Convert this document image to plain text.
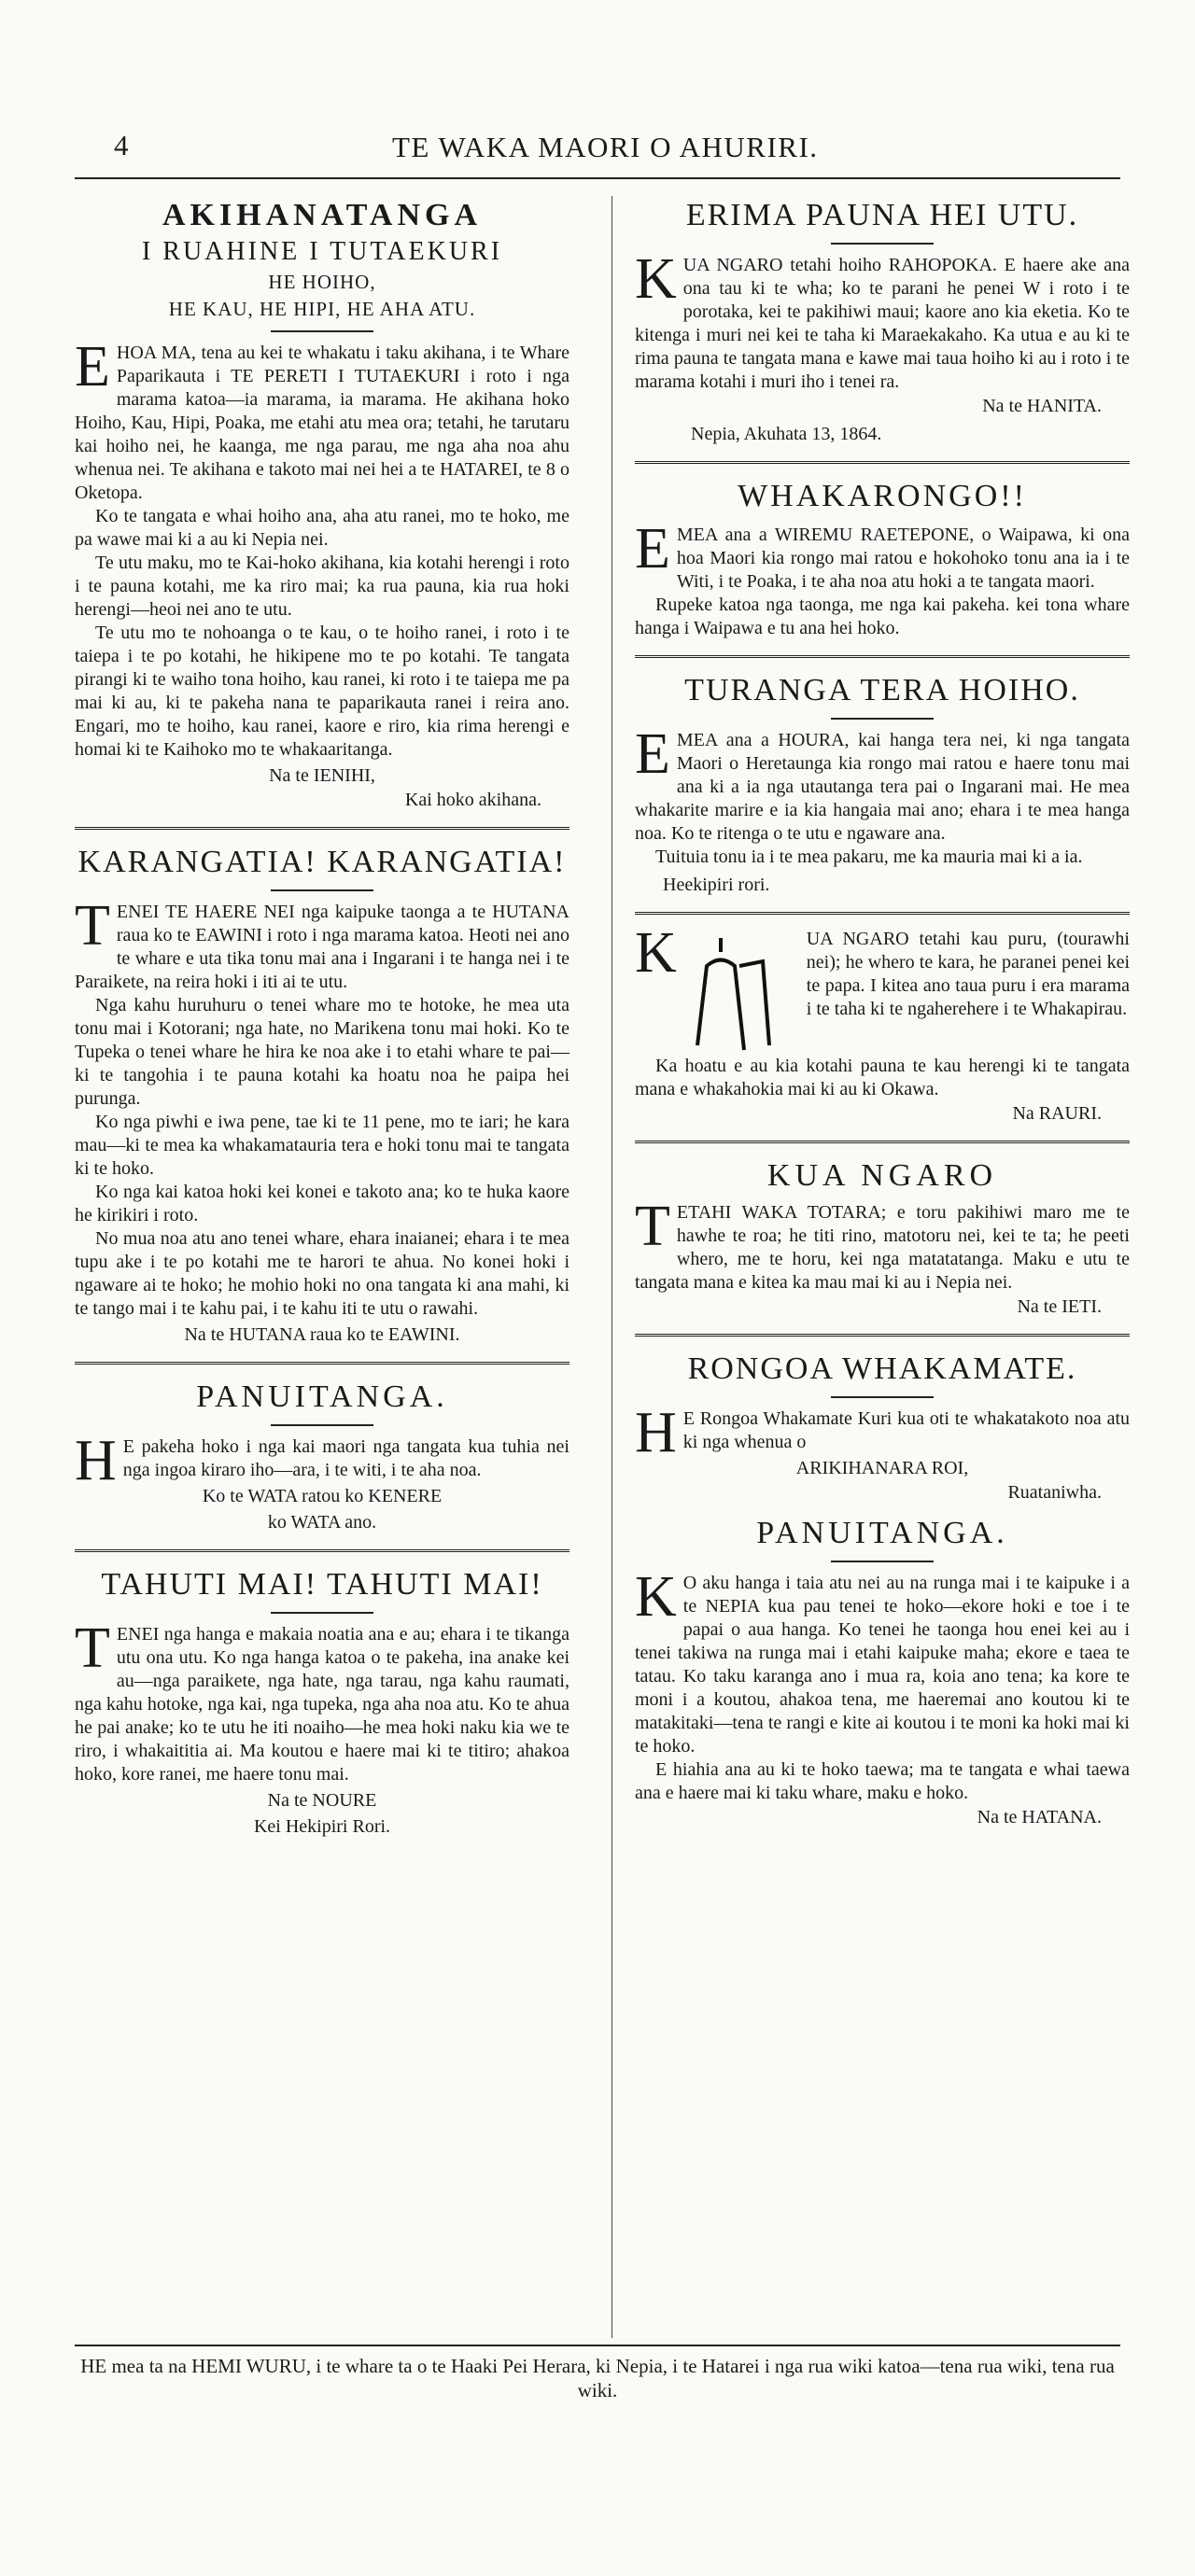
4	TE WAKA MAORI O AHURIRI.
AKIHANATANGA
I RUAHINE I TUTAEKURI
HE HOIHO,
HE KAU, HE HIPI, HE AHA ATU.

EHOA MA, tena au kei te whakatu i taku akihana, i te Whare Paparikauta i TE PERETI I TUTAEKURI i roto i nga marama katoa—ia marama, ia marama. He akihana hoko Hoiho, Kau, Hipi, Poaka, me etahi atu mea ora; tetahi, he tarutaru kai hoiho nei, he kaanga, me nga parau, me nga aha noa ahu whenua nei. Te akihana e takoto mai nei hei a te HATAREI, te 8 o Oketopa.

Ko te tangata e whai hoiho ana, aha atu ranei, mo te hoko, me pa wawe mai ki a au ki Nepia nei.

Te utu maku, mo te Kai-hoko akihana, kia kotahi herengi i roto i te pauna kotahi, me ka riro mai; ka rua pauna, kia rua hoki herengi—heoi nei ano te utu.

Te utu mo te nohoanga o te kau, o te hoiho ranei, i roto i te taiepa i te po kotahi, he hikipene mo te po kotahi. Te tangata pirangi ki te waiho tona hoiho, kau ranei, ki roto i te taiepa me pa mai ki au, ki te pakeha nana te paparikauta ranei i reira ano. Engari, mo te hoiho, kau ranei, kaore e riro, kia rima herengi e homai ki te Kaihoko mo te whakaaritanga.

Na te IENIHI,
Kai hoko akihana.
KARANGATIA! KARANGATIA!

TENEI TE HAERE NEI nga kaipuke taonga a te HUTANA raua ko te EAWINI i roto i nga marama katoa. Heoti nei ano te whare e uta tika tonu mai ana i Ingarani i te hanga nei i te Paraikete, na reira hoki i iti ai te utu.

Nga kahu huruhuru o tenei whare mo te hotoke, he mea uta tonu mai i Kotorani; nga hate, no Marikena tonu mai hoki. Ko te Tupeka o tenei whare he hira ke noa ake i to etahi whare te pai—ki te tangohia i te pauna kotahi ka hoatu noa he paipa hei purunga.

Ko nga piwhi e iwa pene, tae ki te 11 pene, mo te iari; he kara mau—ki te mea ka whakamatauria tera e hoki tonu mai te tangata ki te hoko.

Ko nga kai katoa hoki kei konei e takoto ana; ko te huka kaore he kirikiri i roto.

No mua noa atu ano tenei whare, ehara inaianei; ehara i te mea tupu ake i te po kotahi me te harori te ahua. No konei hoki i ngaware ai te hoko; he mohio hoki no ona tangata ki ana mahi, ki te tango mai i te kahu pai, i te kahu iti te utu o rawahi.

Na te HUTANA raua ko te EAWINI.
PANUITANGA.

H E pakeha hoko i nga kai maori nga tangata kua tuhia nei nga ingoa kiraro iho—ara, i te witi, i te aha noa.

Ko te WATA ratou ko KENERE
ko WATA ano.
TAHUTI MAI! TAHUTI MAI!

TENEI nga hanga e makaia noatia ana e au; ehara i te tikanga utu ona utu. Ko nga hanga katoa o te pakeha, ina anake kei au—nga paraikete, nga hate, nga tarau, nga kahu raumati, nga kahu hotoke, nga kai, nga tupeka, nga aha noa atu. Ko te ahua he pai anake; ko te utu he iti noaiho—he mea hoki naku kia we te riro, i whakaititia ai. Ma koutou e haere mai ki te titiro; ahakoa hoko, kore ranei, me haere tonu mai.

Na te NOURE
Kei Hekipiri Rori.
ERIMA PAUNA HEI UTU.

KUA NGARO tetahi hoiho RAHOPOKA. E haere ake ana ona tau ki te wha; ko te parani he penei W i roto i te porotaka, kei te pakihiwi maui; kaore ano kia eketia. Ko te kitenga i muri nei kei te taha ki Maraekakaho. Ka utua e au ki te rima pauna te tangata mana e kawe mai taua hoiho ki au i roto i te marama kotahi i muri iho i tenei ra.

Na te HANITA.
Nepia, Akuhata 13, 1864.
WHAKARONGO!!

EMEA ana a WIREMU RAETEPONE, o Waipawa, ki ona hoa Maori kia rongo mai ratou e hokohoko tonu ana ia i te Witi, i te Poaka, i te aha noa atu hoki a te tangata maori.

Rupeke katoa nga taonga, me nga kai pakeha. kei tona whare hanga i Waipawa e tu ana hei hoko.

TURANGA TERA HOIHO.

EMEA ana a HOURA, kai hanga tera nei, ki nga tangata Maori o Heretaunga kia rongo mai ratou e haere tonu mai ana ki a ia nga utautanga tera pai o Ingarani mai. He mea whakarite marire e ia kia hangaia mai ano; ehara i te mea hanga noa. Ko te ritenga o te utu e ngaware ana.

Tuituia tonu ia i te mea pakaru, me ka mauria mai ki a ia.

Heekipiri rori.

K	UA NGARO tetahi kau puru, (tourawhi nei); he whero te kara, he paranei penei kei te papa. I kitea ano taua puru i era marama i te taha ki te ngaherehere i te Whakapirau.

Ka hoatu e au kia kotahi pauna te kau herengi ki te tangata mana e whakahokia mai ki au ki Okawa.

Na RAURI.
KUA NGARO

TETAHI WAKA TOTARA; e toru pakihiwi maro me te hawhe te roa; he titi rino, matotoru nei, kei te ta; he peeti whero, me te horu, kei nga matatatanga. Maku e utu te tangata mana e kitea ka mau mai ki au i Nepia nei.

Na te IETI.
RONGOA WHAKAMATE.

H E Rongoa Whakamate Kuri kua oti te whakatakoto noa atu ki nga whenua o

ARIKIHANARA ROI,
Ruataniwha.
PANUITANGA.

K O aku hanga i taia atu nei au na runga mai i te kaipuke i a te NEPIA kua pau tenei te hoko—ekore hoki e toe i te papai o aua hanga. Ko tenei he taonga hou enei kei au i tenei takiwa na runga mai i etahi kaipuke maha; ekore e taea te tatau. Ko taku karanga ano i mua ra, koia ano tena; ka kore te moni i a koutou, ahakoa tena, me haeremai ano koutou ki te matakitaki—tena te rangi e kite ai koutou i te moni ka hoki mai ki te hoko.

E hiahia ana au ki te hoko taewa; ma te tangata e whai taewa ana e haere mai ki taku whare, maku e hoko.

Na te HATANA.
HE mea ta na HEMI WURU, i te whare ta o te Haaki Pei Herara, ki Nepia, i te Hatarei i nga rua wiki katoa—tena rua wiki, tena rua wiki.
